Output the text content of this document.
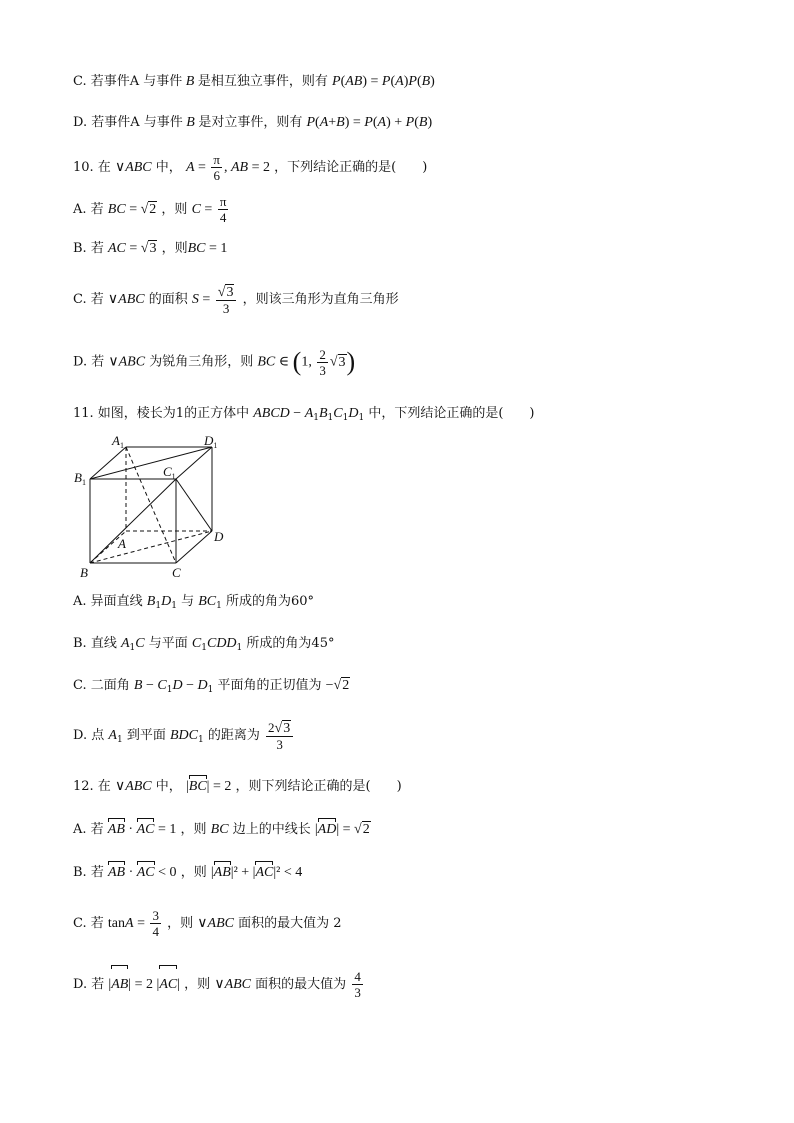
C. 若事件A 与事件 B 是相互独立事件，则有 P(AB) = P(A)P(B)
D. 若事件A 与事件 B 是对立事件，则有 P(A+B) = P(A) + P(B)
10. 在 ∨ABC 中， $A = \frac{\pi}{6}$ , AB = 2 ，下列结论正确的是(　　)
A. 若 BC = √2 ，则 $C = \frac{\pi}{4}$
B. 若 AC = √3 ，则BC = 1
C. 若 ∨ABC 的面积 $S = \frac{√3}{3}$ ，则该三角形为直角三角形
D. 若 ∨ABC 为锐角三角形，则 BC ∈ (1, $\frac{2}{3} √3$)
11. 如图，棱长为1的正方体中 ABCD − $A_1B_1C_1D_1$ 中，下列结论正确的是(　　)
$A_1$	$D_1$
$B_1$
$C_1$
A	D
B	C
A. 异面直线 $B_1D_1$ 与 $BC_1$ 所成的角为60°
B. 直线 $A_1C$ 与平面 $C_1CDD_1$ 所成的角为45°
C. 二面角 $B - C_1D - D_1$ 平面角的正切值为 −√2
D. 点 $A_1$ 到平面 $BDC_1$ 的距离为 $\frac{2√3}{3}$
12. 在 ∨ABC 中， |BC| = 2 ，则下列结论正确的是(　　)
A. 若 AB · AC = 1 ，则 BC 边上的中线长 |AD| = √2
B. 若 AB · AC < 0 ，则 |AB|² + |AC|² < 4
C. 若 $\tan A = \frac{3}{4}$ ，则 ∨ABC 面积的最大值为 2
D. 若 |AB| = 2 |AC| ，则 ∨ABC 面积的最大值为 $\frac{4}{3}$
